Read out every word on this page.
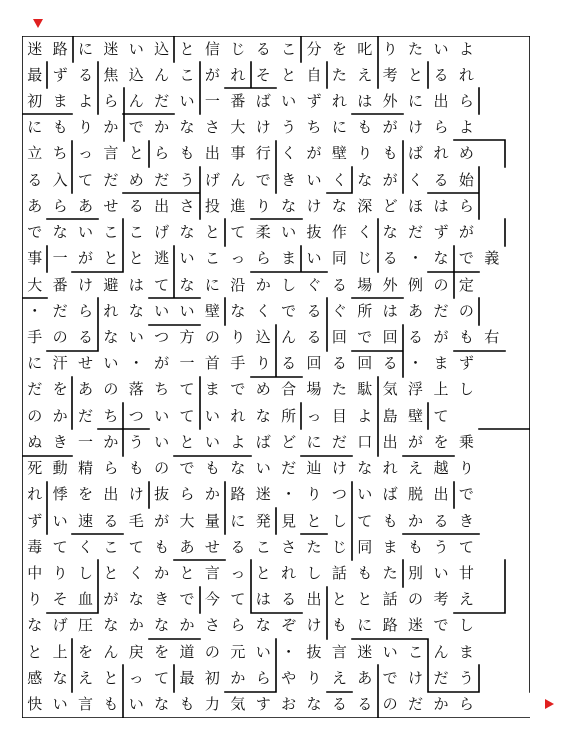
迷 路 に 迷 い 込 と 信 じ る こ 分 を 叱 り た い よ
最 ず る 焦 込 ん こ が れ そ と 自 た え 考 と る れ
初 ま よ ら ん だ い 一 番 ば い ず れ は 外 に 出 ら
に も り か で か な さ 大 け う ち に も が け ら よ
立 ち っ 言 と ら も 出 事 行 く が 壁 り も ば れ め
る 入 て だ め だ う げ ん で き い く な が く る 始
あ ら あ せ る 出 さ 投 進 り な け な 深 ど ほ は ら
で な い こ こ げ な と て 柔 い 抜 作 く な だ ず が
事 一 が と と 逃 い こ っ ら ま い 同 じ る ・ な で 義
大 番 け 避 は て な に 沿 か し ぐ る 場 外 例 の 定
・ だ ら れ な い い 壁 な く で る ぐ 所 は あ だ の
手 の る な い つ 方 の り 込 ん る 回 で 回 る が も 右
に 汗 せ い ・ が 一 首 手 り る 回 る 回 る ・ ま ず
だ を あ の 落 ち て ま で め 合 場 た 駄 気 浮 上 し
の か だ ち つ い て い れ な 所 っ 目 よ 島 壁 て
ぬ き 一 か う い と い よ ば ど に だ 口 出 が を 乗
死 動 精 ら も の で も な い だ 辿 け な れ え 越 り
れ 悸 を 出 け 抜 ら か 路 迷 ・ り つ い ば 脱 出 で
ず い 速 る 毛 が 大 量 に 発 見 と し て も か る き
毒 て く こ て も あ せ る こ さ た じ 同 ま も う て
中 り し と く か と 言 っ と れ し 話 も た 別 い 甘
り そ 血 が な き で 今 て は る 出 と と 話 の 考 え
な げ 圧 な か な か さ ら な ぞ け も に 路 迷 で し
と 上 を ん 戻 を 道 の 元 い ・ 抜 言 迷 い こ ん ま
感 な え と っ て 最 初 か ら や り え あ で け だ う
快 い 言 も い な も 力 気 す お な る る の だ か ら
